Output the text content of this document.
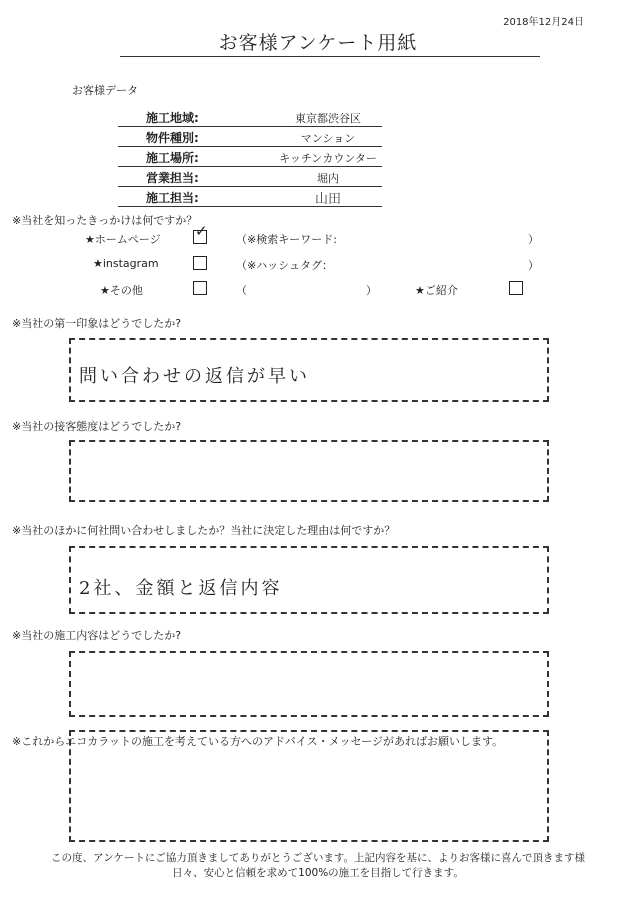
2018年12月24日
お客様アンケート用紙
お客様データ
施工地域:	東京都渋谷区
物件種別:	マンション
施工場所:	キッチンカウンター
営業担当:	堀内
施工担当:	山田
※当社を知ったきっかけは何ですか？
★ホームページ
✓	（※検索キーワード:	）
★instagram	（※ハッシュタグ：	）
★その他	（	）	★ご紹介
※当社の第一印象はどうでしたか?
問い合わせの返信が早い
※当社の接客態度はどうでしたか?
※当社のほかに何社問い合わせしましたか？当社に決定した理由は何ですか？
2社、金額と返信内容
※当社の施工内容はどうでしたか?
※これからエコカラットの施工を考えている方へのアドバイス・メッセージがあればお願いします。
この度、アンケートにご協力頂きましてありがとうございます。上記内容を基に、よりお客様に喜んで頂きます様
日々、安心と信頼を求めて100%の施工を目指して行きます。
